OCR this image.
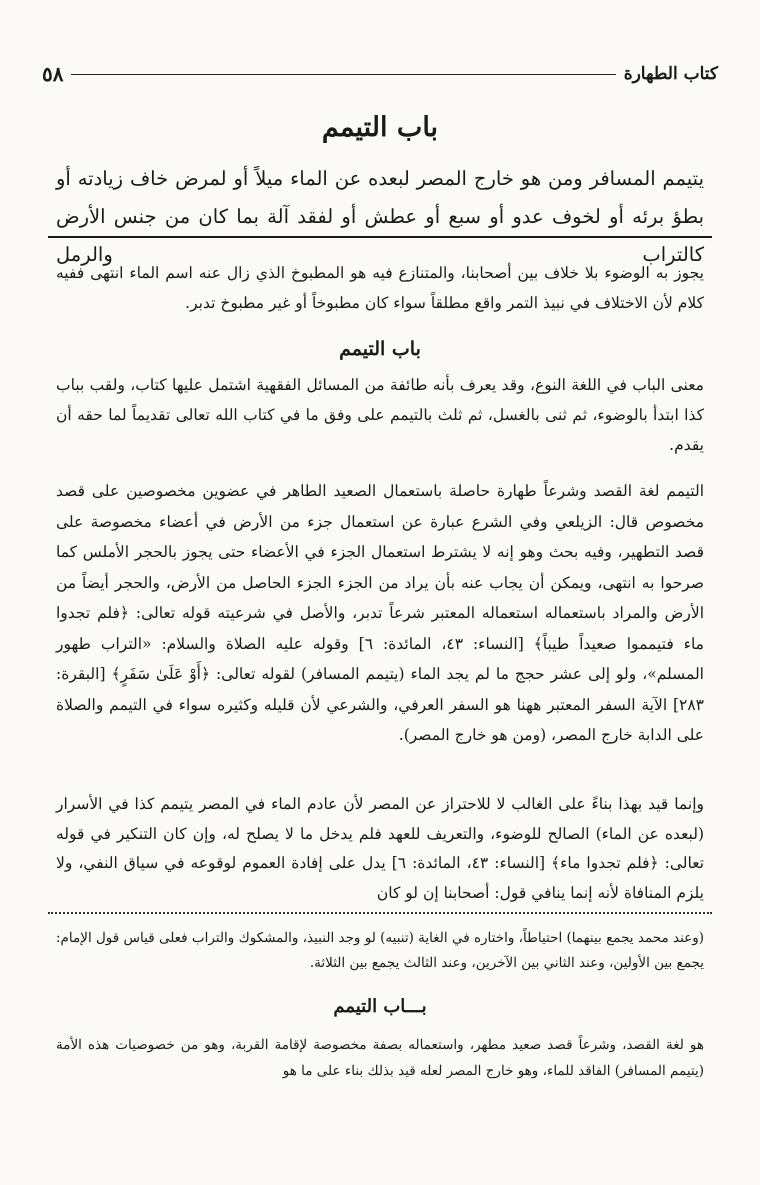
كتاب الطهارة
٥٨
باب التيمم

يتيمم المسافر ومن هو خارج المصر لبعده عن الماء ميلاً أو لمرض خاف زيادته أو بطؤ برئه أو لخوف عدو أو سبع أو عطش أو لفقد آلة بما كان من جنس الأرض كالتراب والرمل

يجوز به الوضوء بلا خلاف بين أصحابنا، والمتنازع فيه هو المطبوخ الذي زال عنه اسم الماء انتهى ففيه كلام لأن الاختلاف في نبيذ التمر واقع مطلقاً سواء كان مطبوخاً أو غير مطبوخ تدبر.

باب التيمم

معنى الباب في اللغة النوع، وقد يعرف بأنه طائفة من المسائل الفقهية اشتمل عليها كتاب، ولقب بباب كذا ابتدأ بالوضوء، ثم ثنى بالغسل، ثم ثلث بالتيمم على وفق ما في كتاب الله تعالى تقديماً لما حقه أن يقدم.

التيمم لغة القصد وشرعاً طهارة حاصلة باستعمال الصعيد الطاهر في عضوين مخصوصين على قصد مخصوص قال: الزيلعي وفي الشرع عبارة عن استعمال جزء من الأرض في أعضاء مخصوصة على قصد التطهير، وفيه بحث وهو إنه لا يشترط استعمال الجزء في الأعضاء حتى يجوز بالحجر الأملس كما صرحوا به انتهى، ويمكن أن يجاب عنه بأن يراد من الجزء الجزء الحاصل من الأرض، والحجر أيضاً من الأرض والمراد باستعماله استعماله المعتبر شرعاً تدبر، والأصل في شرعيته قوله تعالى: ﴿فلم تجدوا ماء فتيمموا صعيداً طيباً﴾ [النساء: ٤٣، المائدة: ٦] وقوله عليه الصلاة والسلام: «التراب طهور المسلم»، ولو إلى عشر حجج ما لم يجد الماء (يتيمم المسافر) لقوله تعالى: ﴿أَوْ عَلَىٰ سَفَرٍ﴾ [البقرة: ٢٨٣] الآية السفر المعتبر ههنا هو السفر العرفي، والشرعي لأن قليله وكثيره سواء في التيمم والصلاة على الدابة خارج المصر، (ومن هو خارج المصر).

وإنما قيد بهذا بناءً على الغالب لا للاحتراز عن المصر لأن عادم الماء في المصر يتيمم كذا في الأسرار (لبعده عن الماء) الصالح للوضوء، والتعريف للعهد فلم يدخل ما لا يصلح له، وإن كان التنكير في قوله تعالى: ﴿فلم تجدوا ماء﴾ [النساء: ٤٣، المائدة: ٦] يدل على إفادة العموم لوقوعه في سياق النفي، ولا يلزم المنافاة لأنه إنما ينافي قول: أصحابنا إن لو كان

(وعند محمد يجمع بينهما) احتياطاً، واختاره في الغاية (تنبيه) لو وجد النبيذ، والمشكوك والتراب فعلى قياس قول الإمام: يجمع بين الأولين، وعند الثاني بين الآخرين، وعند الثالث يجمع بين الثلاثة.

بـــاب التيمم

هو لغة القصد، وشرعاً قصد صعيد مطهر، واستعماله بصفة مخصوصة لإقامة القربة، وهو من خصوصيات هذه الأمة (يتيمم المسافر) الفاقد للماء، وهو خارج المصر لعله قيد بذلك بناء على ما هو
